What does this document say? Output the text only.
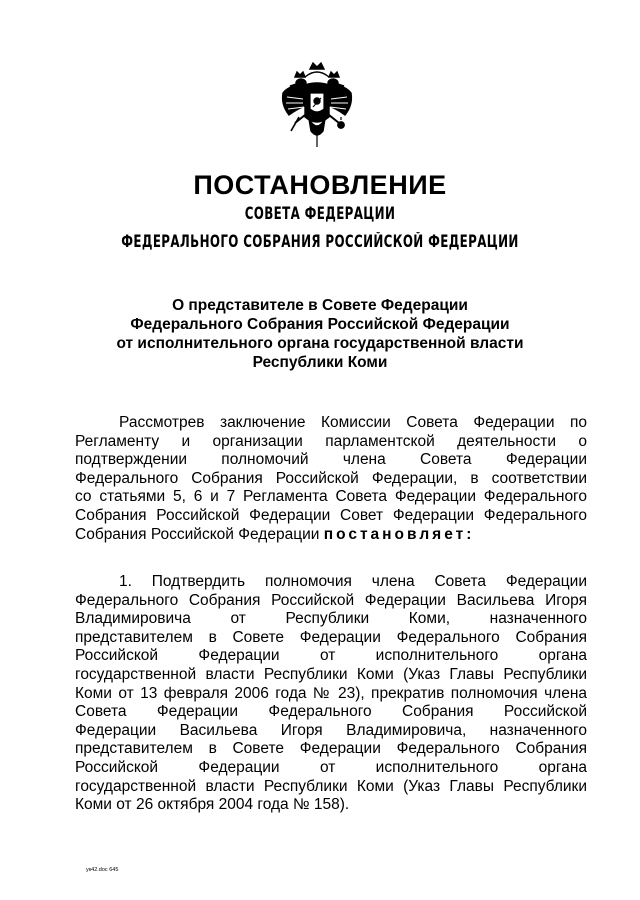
ПОСТАНОВЛЕНИЕ
СОВЕТА ФЕДЕРАЦИИ
ФЕДЕРАЛЬНОГО СОБРАНИЯ РОССИЙСКОЙ ФЕДЕРАЦИИ
О представителе в Совете Федерации
Федерального Собрания Российской Федерации
от исполнительного органа государственной власти
Республики Коми
Рассмотрев заключение Комиссии Совета Федерации по
Регламенту и организации парламентской деятельности о
подтверждении полномочий члена Совета Федерации
Федерального Собрания Российской Федерации, в соответствии
со статьями 5, 6 и 7 Регламента Совета Федерации Федерального
Собрания Российской Федерации Совет Федерации Федерального
Собрания Российской Федерации постановляет:
1. Подтвердить полномочия члена Совета Федерации
Федерального Собрания Российской Федерации Васильева Игоря
Владимировича от Республики Коми, назначенного
представителем в Совете Федерации Федерального Собрания
Российской Федерации от исполнительного органа
государственной власти Республики Коми (Указ Главы Республики
Коми от 13 февраля 2006 года № 23), прекратив полномочия члена
Совета Федерации Федерального Собрания Российской
Федерации Васильева Игоря Владимировича, назначенного
представителем в Совете Федерации Федерального Собрания
Российской Федерации от исполнительного органа
государственной власти Республики Коми (Указ Главы Республики
Коми от 26 октября 2004 года № 158).
ук42.doc 645
